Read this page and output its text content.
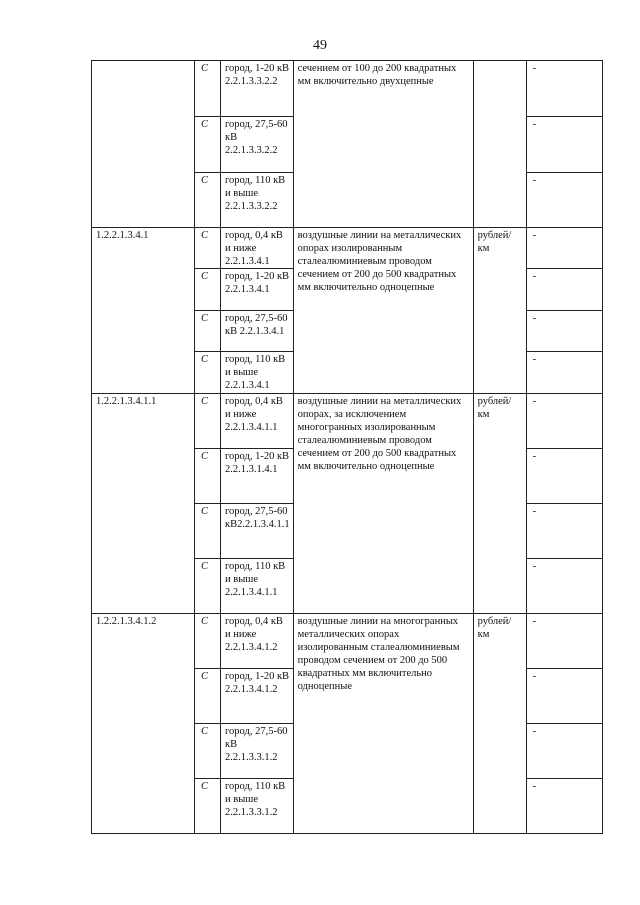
49
	С	город, 1-20 кВ 2.2.1.3.3.2.2	сечением от 100 до 200 квадратных мм включительно двухцепные		-
	С	город, 27,5-60 кВ 2.2.1.3.3.2.2			-
	С	город, 110 кВ и выше 2.2.1.3.3.2.2			-
1.2.2.1.3.4.1	С	город, 0,4 кВ и ниже 2.2.1.3.4.1	воздушные линии на металлических опорах изолированным сталеалюминиевым проводом сечением от 200 до 500 квадратных мм включительно одноцепные	рублей/км	-
	С	город, 1-20 кВ 2.2.1.3.4.1			-
	С	город, 27,5-60 кВ 2.2.1.3.4.1			-
	С	город, 110 кВ и выше 2.2.1.3.4.1			-
1.2.2.1.3.4.1.1	С	город, 0,4 кВ и ниже 2.2.1.3.4.1.1	воздушные линии на металлических опорах, за исключением многогранных изолированным сталеалюминиевым проводом сечением от 200 до 500 квадратных мм включительно одноцепные	рублей/км	-
	С	город, 1-20 кВ 2.2.1.3.1.4.1			-
	С	город, 27,5-60 кВ2.2.1.3.4.1.1			-
	С	город, 110 кВ и выше 2.2.1.3.4.1.1			-
1.2.2.1.3.4.1.2	С	город, 0,4 кВ и ниже 2.2.1.3.4.1.2	воздушные линии на многогранных металлических опорах изолированным сталеалюминиевым проводом сечением от 200 до 500 квадратных мм включительно одноцепные	рублей/км	-
	С	город, 1-20 кВ 2.2.1.3.4.1.2			-
	С	город, 27,5-60 кВ 2.2.1.3.3.1.2			-
	С	город, 110 кВ и выше 2.2.1.3.3.1.2			-
